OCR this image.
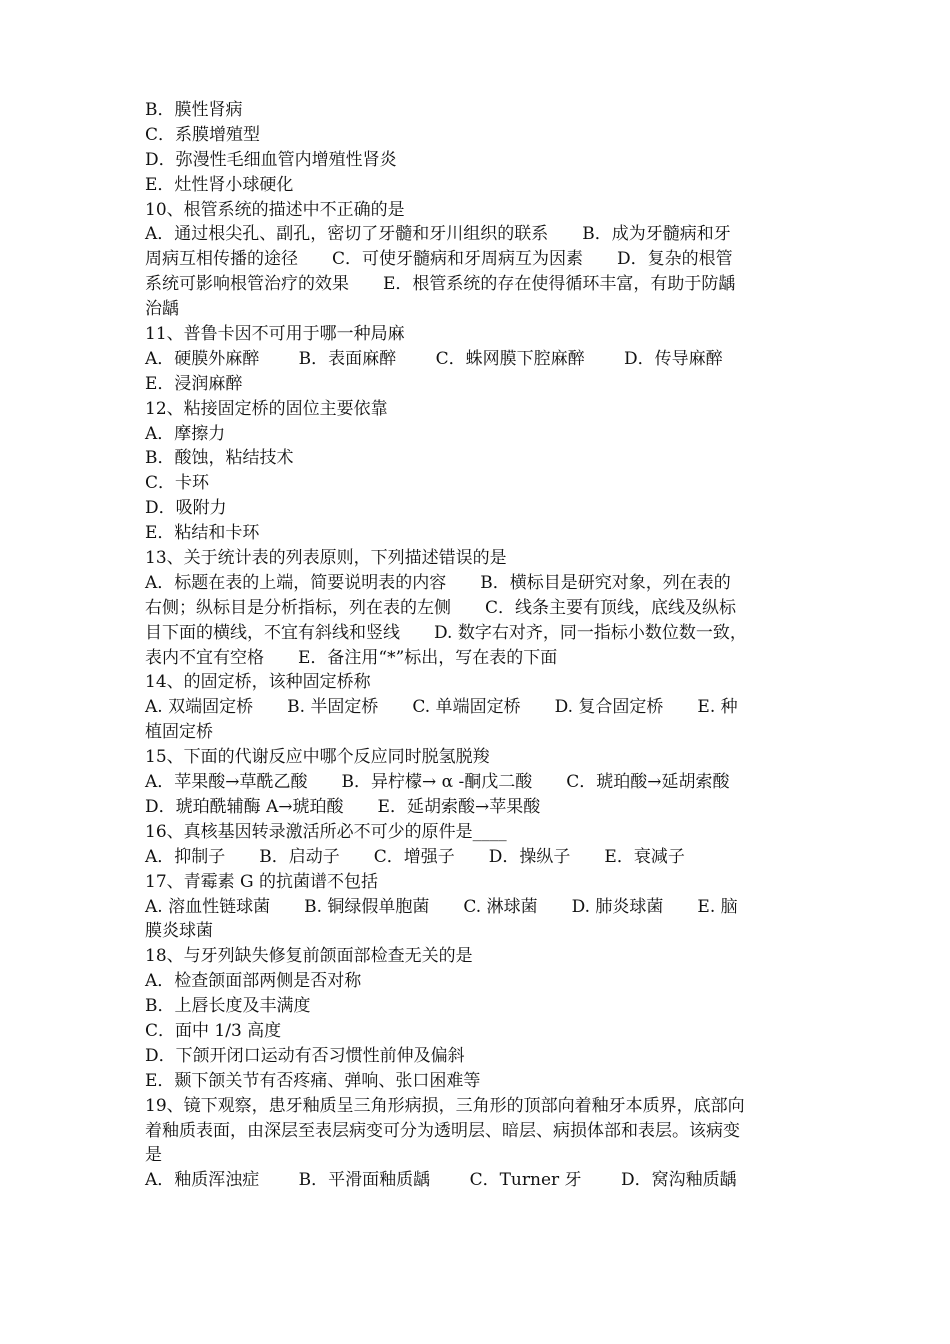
B．膜性肾病
C．系膜增殖型
D．弥漫性毛细血管内增殖性肾炎
E．灶性肾小球硬化
10、根管系统的描述中不正确的是
A．通过根尖孔、副孔，密切了牙髓和牙川组织的联系　　B．成为牙髓病和牙
周病互相传播的途径　　C．可使牙髓病和牙周病互为因素　　D．复杂的根管
系统可影响根管治疗的效果　　E．根管系统的存在使得循环丰富，有助于防龋
治龋
11、普鲁卡因不可用于哪一种局麻
A．硬膜外麻醉　　 B．表面麻醉　　 C．蛛网膜下腔麻醉　　 D．传导麻醉
E．浸润麻醉
12、粘接固定桥的固位主要依靠
A．摩擦力
B．酸蚀，粘结技术
C．卡环
D．吸附力
E．粘结和卡环
13、关于统计表的列表原则，下列描述错误的是
A．标题在表的上端，简要说明表的内容　　B．横标目是研究对象，列在表的
右侧；纵标目是分析指标，列在表的左侧　　C．线条主要有顶线，底线及纵标
目下面的横线，不宜有斜线和竖线　　D. 数字右对齐，同一指标小数位数一致，
表内不宜有空格　　E．备注用“*”标出，写在表的下面
14、的固定桥，该种固定桥称
A. 双端固定桥　　B. 半固定桥　　C. 单端固定桥　　D. 复合固定桥　　E. 种
植固定桥
15、下面的代谢反应中哪个反应同时脱氢脱羧
A．苹果酸→草酰乙酸　　B．异柠檬→ α -酮戊二酸　　C．琥珀酸→延胡索酸
D．琥珀酰辅酶 A→琥珀酸　　E．延胡索酸→苹果酸
16、真核基因转录激活所必不可少的原件是____
A．抑制子　　B．启动子　　C．增强子　　D．操纵子　　E．衰减子
17、青霉素 G 的抗菌谱不包括
A. 溶血性链球菌　　B. 铜绿假单胞菌　　C. 淋球菌　　D. 肺炎球菌　　E. 脑
膜炎球菌
18、与牙列缺失修复前颌面部检查无关的是
A．检查颌面部两侧是否对称
B．上唇长度及丰满度
C．面中 1/3 高度
D．下颌开闭口运动有否习惯性前伸及偏斜
E．颞下颌关节有否疼痛、弹响、张口困难等
19、镜下观察，患牙釉质呈三角形病损，三角形的顶部向着釉牙本质界，底部向
着釉质表面，由深层至表层病变可分为透明层、暗层、病损体部和表层。该病变
是
A．釉质浑浊症　　 B．平滑面釉质龋　　 C．Turner 牙　　 D．窝沟釉质龋
